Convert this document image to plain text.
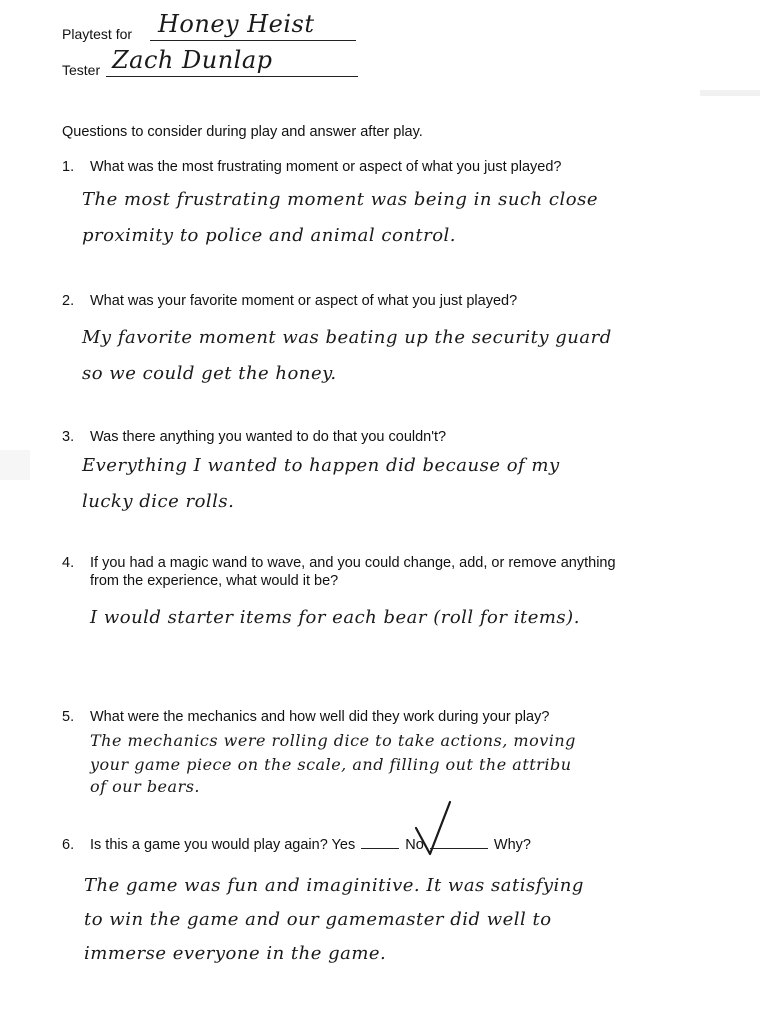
Playtest for Honey Heist
Tester Zach Dunlap
Questions to consider during play and answer after play.
1. What was the most frustrating moment or aspect of what you just played?
The most frustrating moment was being in such close
proximity to police and animal control.
2. What was your favorite moment or aspect of what you just played?
My favorite moment was beating up the security guard
so we could get the honey.
3. Was there anything you wanted to do that you couldn't?
Everything I wanted to happen did because of my
lucky dice rolls.
4. If you had a magic wand to wave, and you could change, add, or remove anything
from the experience, what would it be?
I would starter items for each bear (roll for items).
5. What were the mechanics and how well did they work during your play?
The mechanics were rolling dice to take actions, moving
your game piece on the scale, and filling out the attribu
of our bears.
6. Is this a game you would play again? Yes	No	Why?
The game was fun and imaginitive. It was satisfying
to win the game and our gamemaster did well to
immerse everyone in the game.
